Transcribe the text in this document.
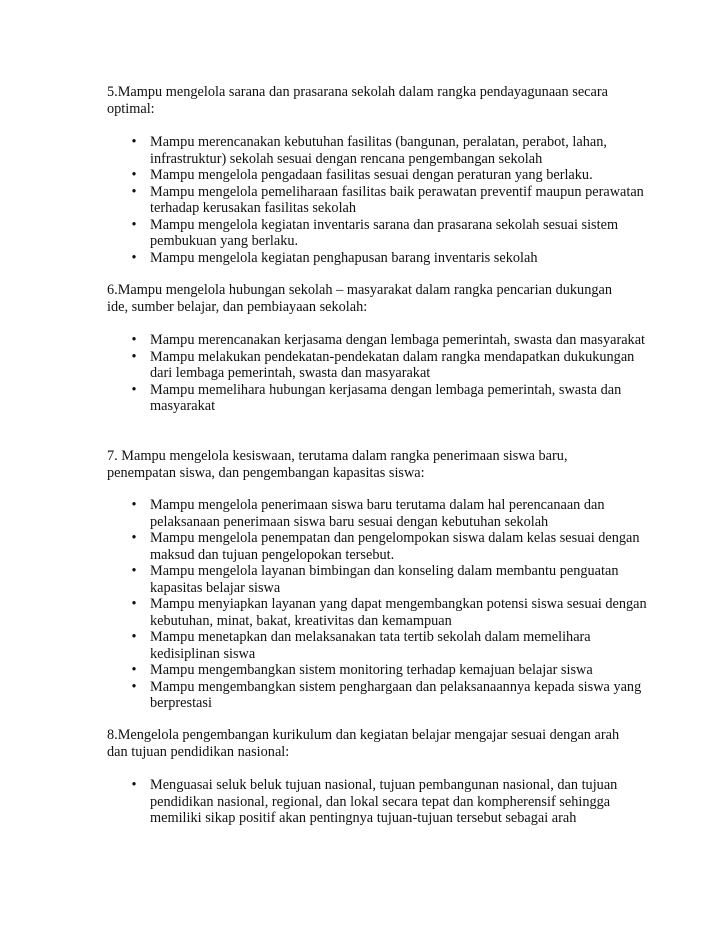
5.Mampu mengelola sarana dan prasarana sekolah dalam rangka pendayagunaan secara optimal:

• Mampu merencanakan kebutuhan fasilitas (bangunan, peralatan, perabot, lahan, infrastruktur) sekolah sesuai dengan rencana pengembangan sekolah
• Mampu mengelola pengadaan fasilitas sesuai dengan peraturan yang berlaku.
• Mampu mengelola pemeliharaan fasilitas baik perawatan preventif maupun perawatan terhadap kerusakan fasilitas sekolah
• Mampu mengelola kegiatan inventaris sarana dan prasarana sekolah sesuai sistem pembukuan yang berlaku.
• Mampu mengelola kegiatan penghapusan barang inventaris sekolah

6.Mampu mengelola hubungan sekolah – masyarakat dalam rangka pencarian dukungan ide, sumber belajar, dan pembiayaan sekolah:

• Mampu merencanakan kerjasama dengan lembaga pemerintah, swasta dan masyarakat
• Mampu melakukan pendekatan-pendekatan dalam rangka mendapatkan dukukungan dari lembaga pemerintah, swasta dan masyarakat
• Mampu memelihara hubungan kerjasama dengan lembaga pemerintah, swasta dan masyarakat

7. Mampu mengelola kesiswaan, terutama dalam rangka penerimaan siswa baru, penempatan siswa, dan pengembangan kapasitas siswa:

• Mampu mengelola penerimaan siswa baru terutama dalam hal perencanaan dan pelaksanaan penerimaan siswa baru sesuai dengan kebutuhan sekolah
• Mampu mengelola penempatan dan pengelompokan siswa dalam kelas sesuai dengan maksud dan tujuan pengelopokan tersebut.
• Mampu mengelola layanan bimbingan dan konseling dalam membantu penguatan kapasitas belajar siswa
• Mampu menyiapkan layanan yang dapat mengembangkan potensi siswa sesuai dengan kebutuhan, minat, bakat, kreativitas dan kemampuan
• Mampu menetapkan dan melaksanakan tata tertib sekolah dalam memelihara kedisiplinan siswa
• Mampu mengembangkan sistem monitoring terhadap kemajuan belajar siswa
• Mampu mengembangkan sistem penghargaan dan pelaksanaannya kepada siswa yang berprestasi

8.Mengelola pengembangan kurikulum dan kegiatan belajar mengajar sesuai dengan arah dan tujuan pendidikan nasional:

• Menguasai seluk beluk tujuan nasional, tujuan pembangunan nasional, dan tujuan pendidikan nasional, regional, dan lokal secara tepat dan kompherensif sehingga memiliki sikap positif akan pentingnya tujuan-tujuan tersebut sebagai arah
